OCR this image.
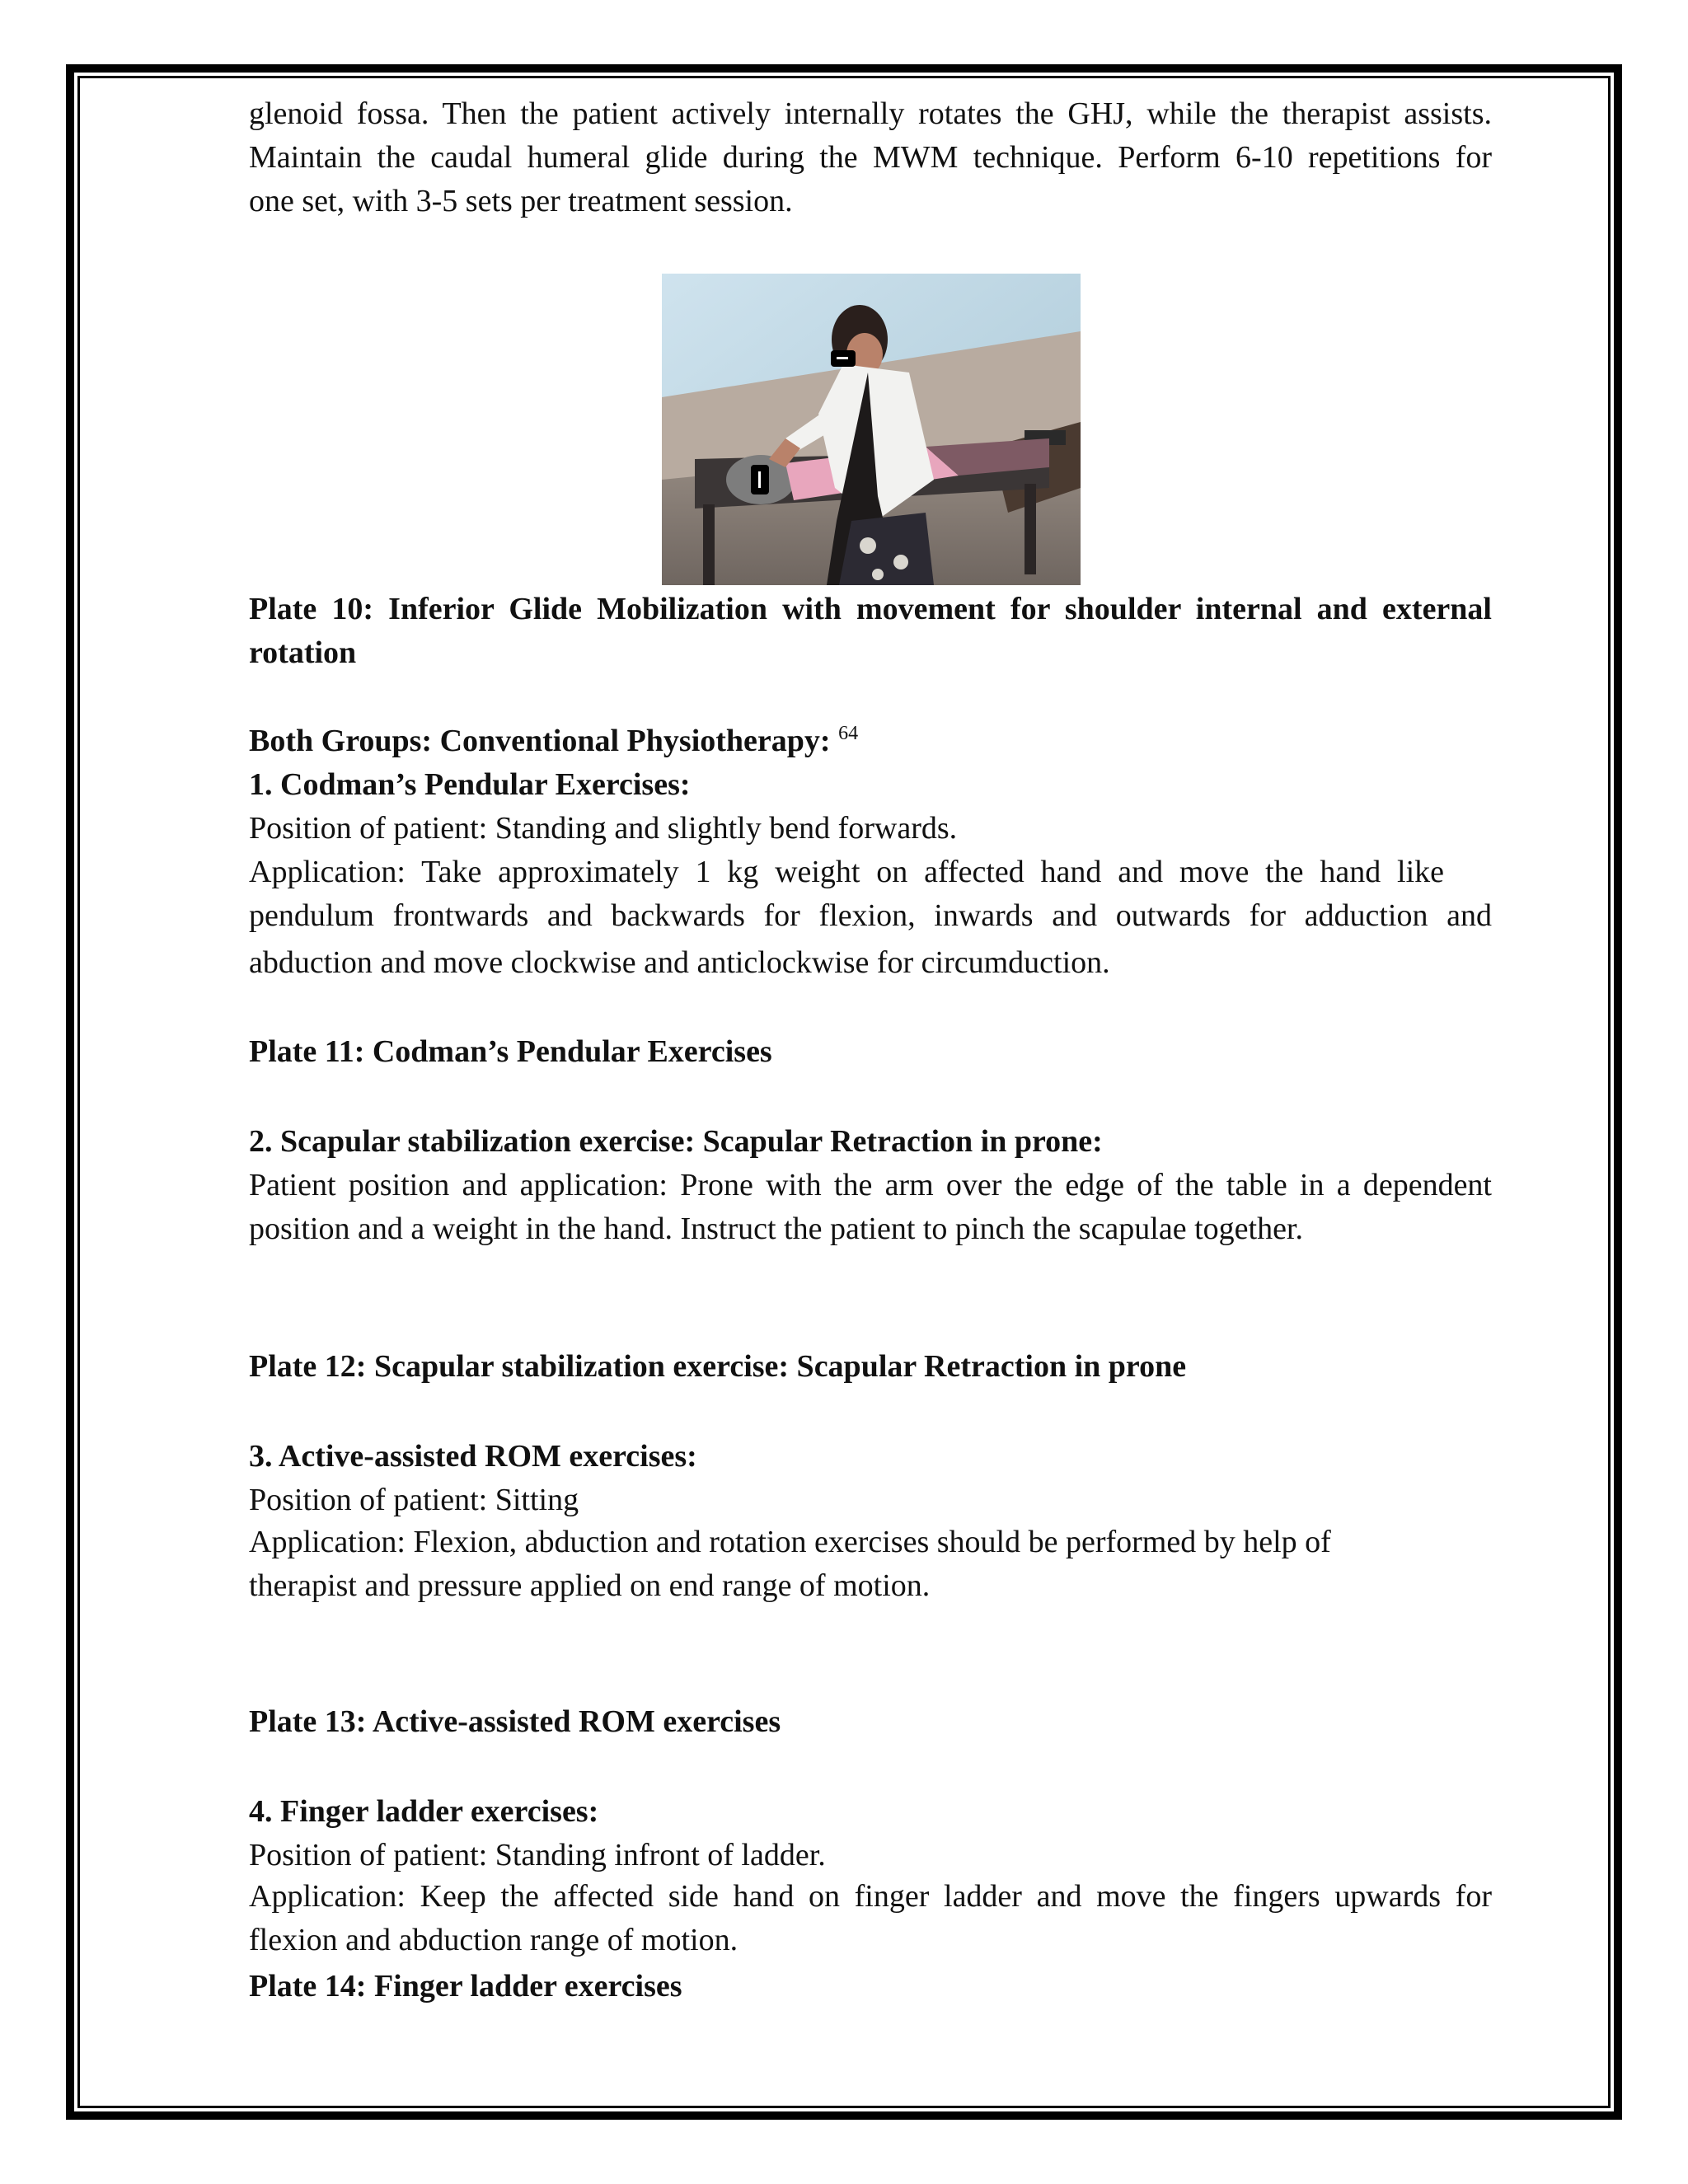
glenoid fossa. Then the patient actively internally rotates the GHJ, while the therapist assists.

Maintain the caudal humeral glide during the MWM technique. Perform 6-10 repetitions for

one set, with 3-5 sets per treatment session.

Plate 10: Inferior Glide Mobilization with movement for shoulder internal and external

rotation

Both Groups: Conventional Physiotherapy: $^{64}$

1. Codman’s Pendular Exercises:

Position of patient: Standing and slightly bend forwards.

Application: Take approximately 1 kg weight on affected hand and move the hand like

pendulum frontwards and backwards for flexion, inwards and outwards for adduction and

abduction and move clockwise and anticlockwise for circumduction.

Plate 11: Codman’s Pendular Exercises

2. Scapular stabilization exercise: Scapular Retraction in prone:

Patient position and application: Prone with the arm over the edge of the table in a dependent

position and a weight in the hand. Instruct the patient to pinch the scapulae together.

Plate 12: Scapular stabilization exercise: Scapular Retraction in prone

3. Active-assisted ROM exercises:

Position of patient: Sitting

Application: Flexion, abduction and rotation exercises should be performed by help of

therapist and pressure applied on end range of motion.

Plate 13: Active-assisted ROM exercises

4. Finger ladder exercises:

Position of patient: Standing infront of ladder.

Application: Keep the affected side hand on finger ladder and move the fingers upwards for

flexion and abduction range of motion.

Plate 14: Finger ladder exercises
